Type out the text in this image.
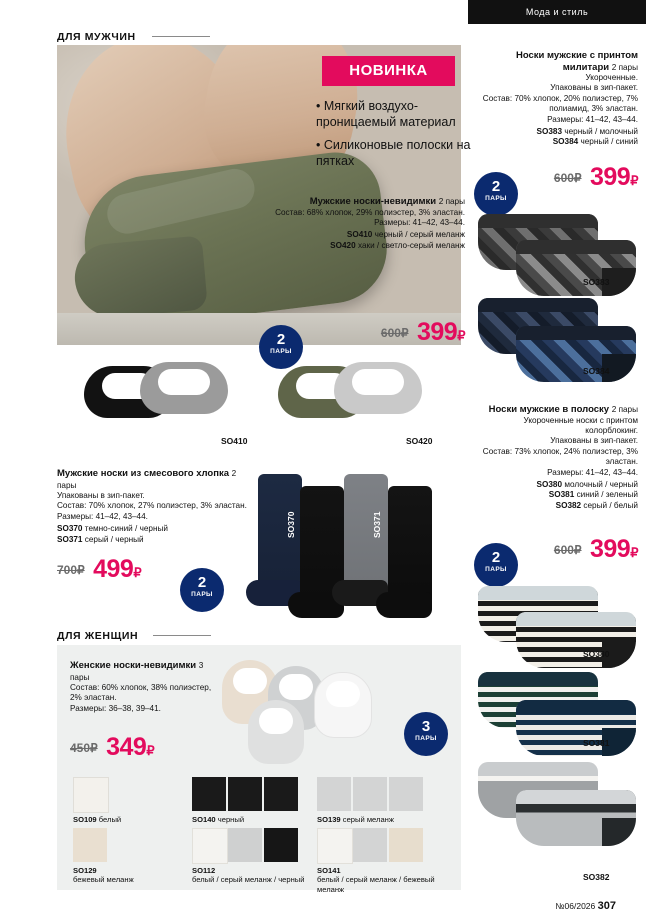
Мода и стиль
ДЛЯ МУЖЧИН
НОВИНКА
• Мягкий воздухо-проницаемый материал
• Силиконовые полоски на пятках
Мужские носки-невидимки 2 пары
Состав: 68% хлопок, 29% полиэстер, 3% эластан.
Размеры: 41–42, 43–44.
SO410 черный / серый меланж
SO420 хаки / светло-серый меланж
600₽ 399₽
2
ПАРЫ
SO410	SO420
Мужские носки из смесового хлопка 2 пары
Упакованы в зип-пакет.
Состав: 70% хлопок, 27% полиэстер, 3% эластан. Размеры: 41–42, 43–44.
SO370 темно-синий / черный
SO371 серый / черный
700₽ 499₽
2
ПАРЫ
SO370	SO371
ДЛЯ ЖЕНЩИН
Женские носки-невидимки 3 пары
Состав: 60% хлопок, 38% полиэстер, 2% эластан.
Размеры: 36–38, 39–41.
450₽ 349₽
3
ПАРЫ
SO109 белый	SO140 черный	SO139 серый меланж
SO129
бежевый меланж
SO112
белый / серый меланж / черный
SO141
белый / серый меланж / бежевый меланж
Носки мужские с принтом милитари 2 пары
Укороченные.
Упакованы в зип-пакет.
Состав: 70% хлопок, 20% полиэстер, 7% полиамид, 3% эластан.
Размеры: 41–42, 43–44.
SO383 черный / молочный
SO384 черный / синий
600₽ 399₽
2
ПАРЫ
SO383
SO384
Носки мужские в полоску 2 пары
Укороченные носки с принтом колорблокинг.
Упакованы в зип-пакет.
Состав: 73% хлопок, 24% полиэстер, 3% эластан.
Размеры: 41–42, 43–44.
SO380 молочный / черный
SO381 синий / зеленый
SO382 серый / белый
600₽ 399₽
2
ПАРЫ
SO380
SO381
SO382
№06/2026 307
